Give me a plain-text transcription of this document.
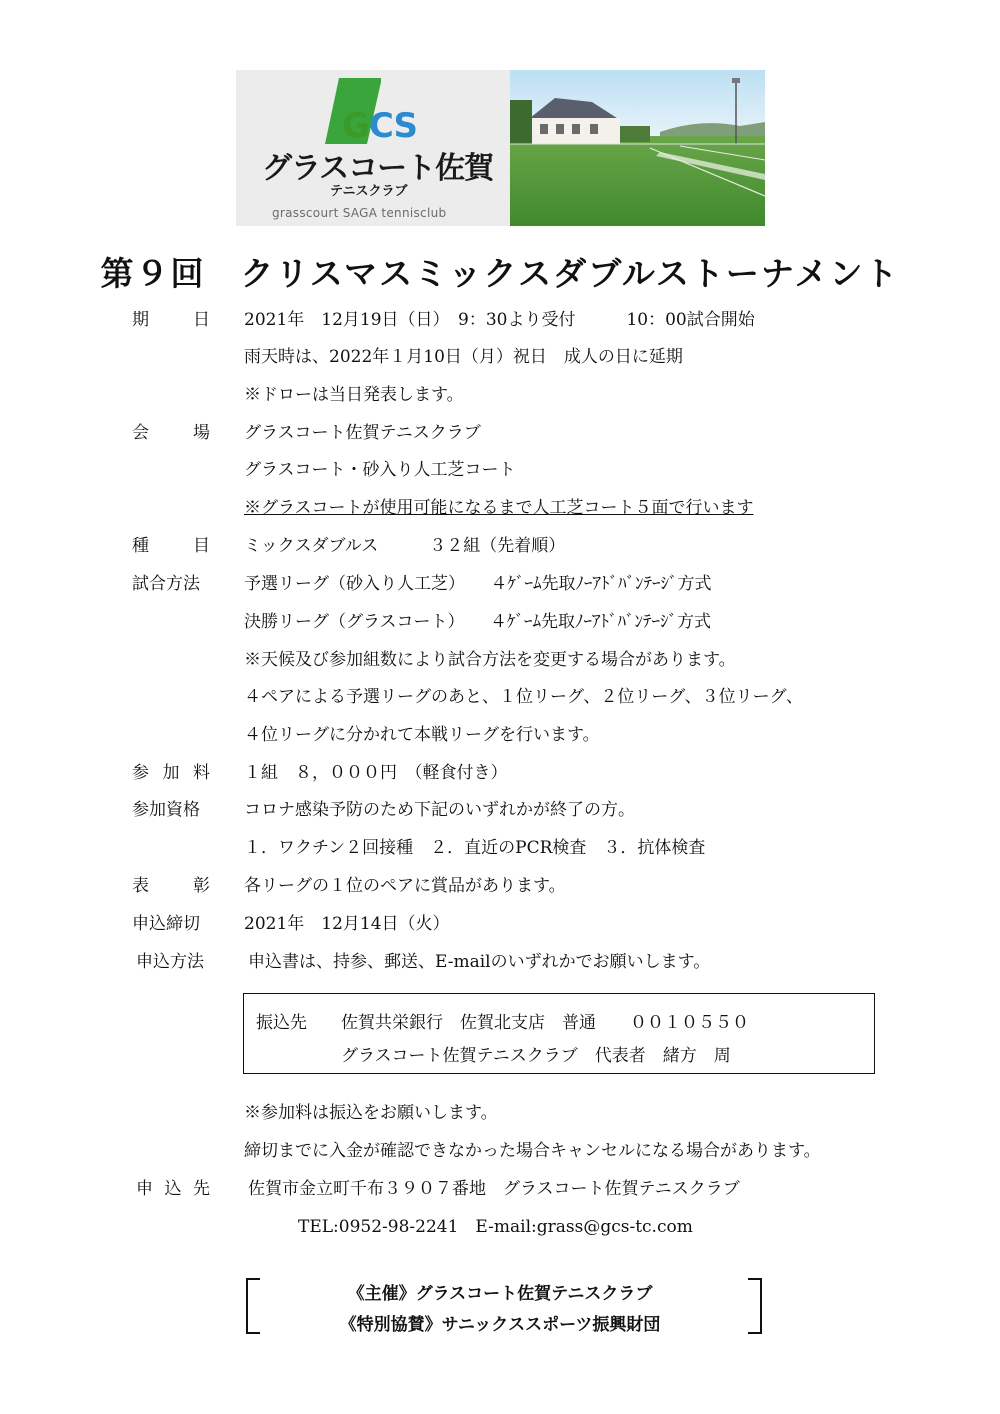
GCS
グラスコート佐賀
テニスクラブ
grasscourt SAGA tennisclub
第９回　クリスマスミックスダブルストーナメント
期	日 2021年　12月19日（日）　9：30より受付　　　10：00試合開始
雨天時は、2022年１月10日（月）祝日　成人の日に延期
※ドローは当日発表します。
会	場 グラスコート佐賀テニスクラブ
グラスコート・砂入り人工芝コート
※グラスコートが使用可能になるまで人工芝コート５面で行います
種	目 ミックスダブルス　　　３２組（先着順）
試合方法	予選リーグ（砂入り人工芝）　　４ｹﾞｰﾑ先取ﾉｰｱﾄﾞﾊﾞﾝﾃｰｼﾞ方式
決勝リーグ（グラスコート）　　４ｹﾞｰﾑ先取ﾉｰｱﾄﾞﾊﾞﾝﾃｰｼﾞ方式
※天候及び参加組数により試合方法を変更する場合があります。
４ペアによる予選リーグのあと、１位リーグ、２位リーグ、３位リーグ、
４位リーグに分かれて本戦リーグを行います。
参 加 料 １組　８，０００円　（軽食付き）
参加資格	コロナ感染予防のため下記のいずれかが終了の方。
１．ワクチン２回接種　２．直近のPCR検査　３．抗体検査
表	彰 各リーグの１位のペアに賞品があります。
申込締切	2021年　12月14日（火）
申込方法	申込書は、持参、郵送、E-mailのいずれかでお願いします。
振込先　　佐賀共栄銀行　佐賀北支店　普通　　００１０５５０
グラスコート佐賀テニスクラブ　代表者　緒方　周
※参加料は振込をお願いします。
締切までに入金が確認できなかった場合キャンセルになる場合があります。
申 込 先 佐賀市金立町千布３９０７番地　グラスコート佐賀テニスクラブ
TEL:0952-98-2241　E-mail:grass@gcs-tc.com
《主催》グラスコート佐賀テニスクラブ
《特別協賛》サニックススポーツ振興財団
